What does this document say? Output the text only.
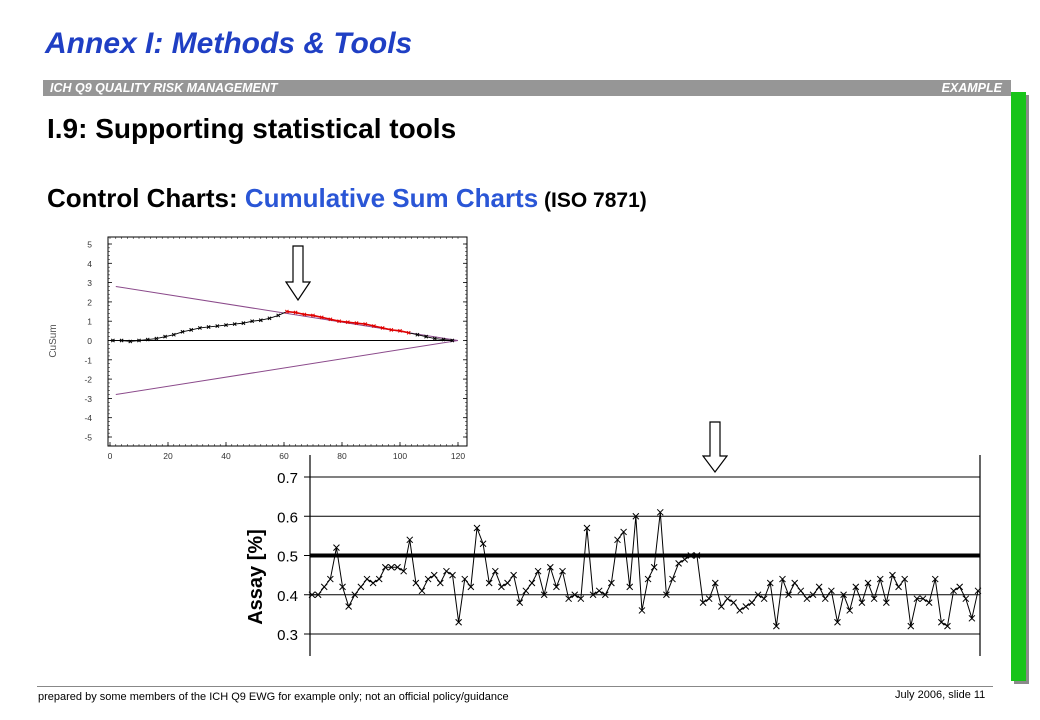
Annex I: Methods & Tools
ICH Q9 QUALITY RISK MANAGEMENT	EXAMPLE
I.9: Supporting statistical tools
Control Charts: Cumulative Sum Charts (ISO 7871)
5
4
3
2
1
0
-1
-2
-3
-4
-5
0	20	40	60	80	100	120
CuSum
0.7
0.6
0.5
0.4
0.3
Assay [%]
prepared by some members of the ICH Q9 EWG for example only; not an official policy/guidance	July 2006, slide 11
